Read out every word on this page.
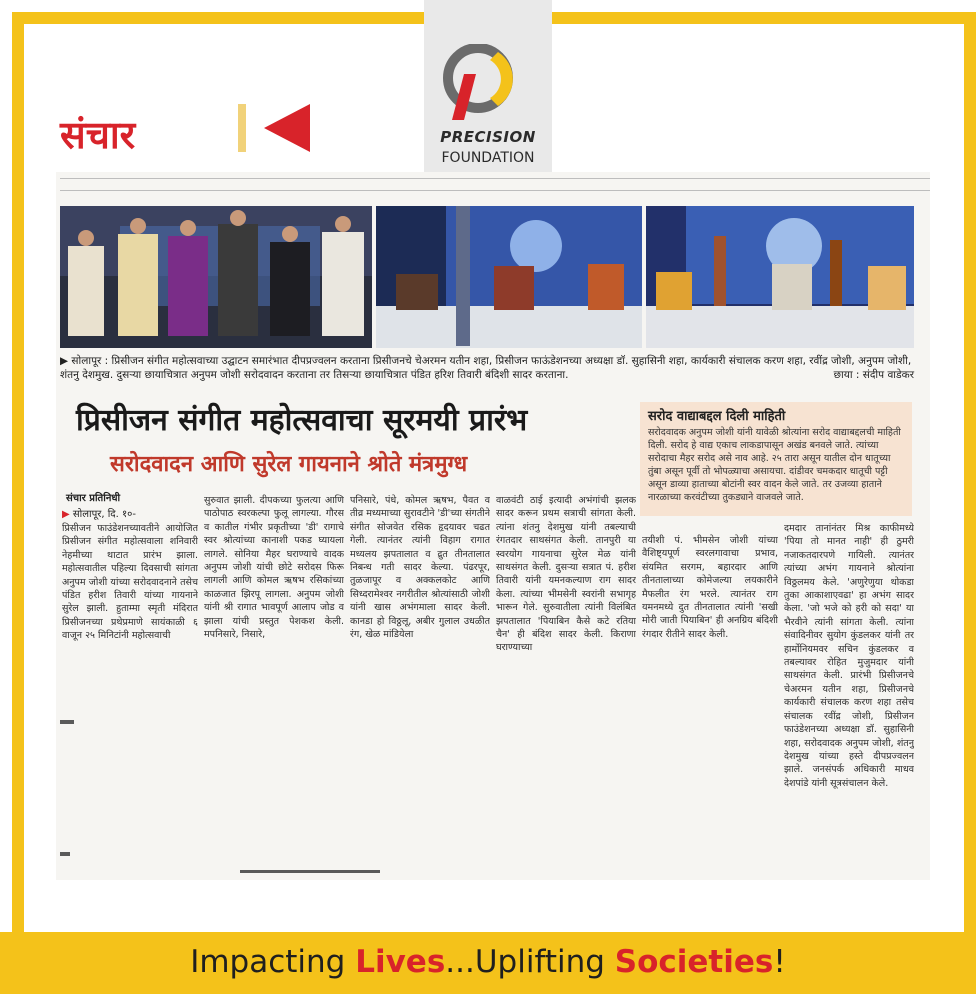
PRECISION
FOUNDATION
संचार
▶ सोलापूर : प्रिसीजन संगीत महोत्सवाच्या उद्घाटन समारंभात दीपप्रज्वलन करताना प्रिसीजनचे चेअरमन यतीन शहा, प्रिसीजन फाऊंडेशनच्या अध्यक्षा डॉ. सुहासिनी शहा, कार्यकारी संचालक करण शहा, रवींद्र जोशी, अनुपम जोशी, शंतनु देशमुख. दुसऱ्या छायाचित्रात अनुपम जोशी सरोदवादन करताना तर तिसऱ्या छायाचित्रात पंडित हरिश तिवारी बंदिशी सादर करताना.	छाया : संदीप वाडेकर
प्रिसीजन संगीत महोत्सवाचा सूरमयी प्रारंभ
सरोदवादन आणि सुरेल गायनाने श्रोते मंत्रमुग्ध
सरोद वाद्याबद्दल दिली माहिती
सरोदवादक अनुपम जोशी यांनी यावेळी श्रोत्यांना सरोद वाद्याबद्दलची माहिती दिली. सरोद हे वाद्य एकाच लाकडापासून अखंड बनवले जाते. त्यांच्या सरोदाचा मैहर सरोद असे नाव आहे. २५ तारा असून यातील दोन धातूच्या तुंबा असून पूर्वी तो भोपळ्याचा असायचा. दांडीवर चमकदार धातूची पट्टी असून डाव्या हाताच्या बोटांनी स्वर वादन केले जाते. तर उजव्या हाताने नारळाच्या करवंटीच्या तुकड्याने वाजवले जाते.
संचार प्रतिनिधी
▶ सोलापूर, दि. १०-
प्रिसीजन फाउंडेशनच्यावतीने आयोजित प्रिसीजन संगीत महोत्सवाला शनिवारी नेहमीच्या थाटात प्रारंभ झाला. महोत्सवातील पहिल्या दिवसाची सांगता अनुपम जोशी यांच्या सरोदवादनाने तसेच पंडित हरीश तिवारी यांच्या गायनाने सुरेल झाली. हुताम्मा स्मृती मंदिरात प्रिसीजनच्या प्रथेप्रमाणे सायंकाळी ६ वाजून २५ मिनिटांनी महोत्सवाची
सुरुवात झाली. दीपकच्या फुलत्या आणि पाठोपाठ स्वरकल्पा फुलू लागल्या. गौरस व कातील गंभीर प्रकृतीच्या 'डी' रागाचे स्वर श्रोत्यांच्या कानाशी पकड घ्यायला लागले. सोनिया मैहर घराण्याचे वादक अनुपम जोशी यांची छोटे सरोदस फिरू लागली आणि कोमल ऋषभ रसिकांच्या काळजात झिरपू लागला. अनुपम जोशी यांनी श्री रागात भावपूर्ण आलाप जोड व झाला यांची प्रस्तुत पेशकश केली. मपनिसारे, निसारे,
पनिसारे, पंधे, कोमल ऋषभ, पैवत व तीव्र मध्यमाच्या सुरावटीने 'डी'च्या संगतीने संगीत सोजवेत रसिक हृदयावर चढत गेली. त्यानंतर त्यांनी विहाग रागात मध्यलय झपतालात व द्रुत तीनतालात निबन्ध गती सादर केल्या. पंढरपूर, तुळजापूर व अक्कलकोट आणि सिध्दरामेश्वर नगरीतील श्रोत्यांसाठी जोशी यांनी खास अभंगमाला सादर केली. कानडा हो विठ्ठलू, अबीर गुलाल उधळीत रंग, खेळ मांडियेला
वाळवंटी ठाई इत्यादी अभंगांची झलक सादर करून प्रथम सत्राची सांगता केली. त्यांना शंतनु देशमुख यांनी तबल्याची रंगतदार साथसंगत केली. तानपुरी या स्वरयोग गायनाचा सुरेल मेळ यांनी साथसंगत केली. दुसऱ्या सत्रात पं. हरीश तिवारी यांनी यमनकल्याण राग सादर केला. त्यांच्या भीमसेनी स्वरांनी सभागृह भारून गेले. सुरुवातीला त्यांनी विलंबित झपतालात 'पियाबिन कैसे कटे रतिया चैन' ही बंदिश सादर केली. किराणा घराण्याच्या
तयीशी पं. भीमसेन जोशी यांच्या वैशिष्ट्यपूर्ण स्वरलगावाचा प्रभाव, संयमित सरगम, बहारदार आणि तीनतालाच्या कोमेजल्या लयकारीने मैफलीत रंग भरले. त्यानंतर राग यमनमध्ये दुत तीनतालात त्यांनी 'सखी मोरी जाती पियाबिन' ही अनग्रिय बंदिशी रंगदार रीतीने सादर केली.
दमदार तानांनंतर मिश्र काफीमध्ये 'पिया तो मानत नाही' ही ठुमरी नजाकतदारपणे गायिली. त्यानंतर त्यांच्या अभंग गायनाने श्रोत्यांना विठ्ठलमय केले. 'अणुरेणुया थोकडा तुका आकाशाएवढा' हा अभंग सादर केला. 'जो भजे को हरी को सदा' या भैरवीने त्यांनी सांगता केली. त्यांना संवादिनीवर सुयोग कुंडलकर यांनी तर हार्मोनियमवर सचिन कुंडलकर व तबल्यावर रोहित मुजुमदार यांनी साथसंगत केली. प्रारंभी प्रिसीजनचे चेअरमन यतीन शहा, प्रिसीजनचे कार्यकारी संचालक करण शहा तसेच संचालक रवींद्र जोशी, प्रिसीजन फाउंडेशनच्या अध्यक्षा डॉ. सुहासिनी शहा, सरोदवादक अनुपम जोशी, शंतनु देशमुख यांच्या हस्ते दीपप्रज्वलन झाले. जनसंपर्क अधिकारी माधव देशपांडे यांनी सूत्रसंचालन केले.
Impacting Lives...Uplifting Societies!
